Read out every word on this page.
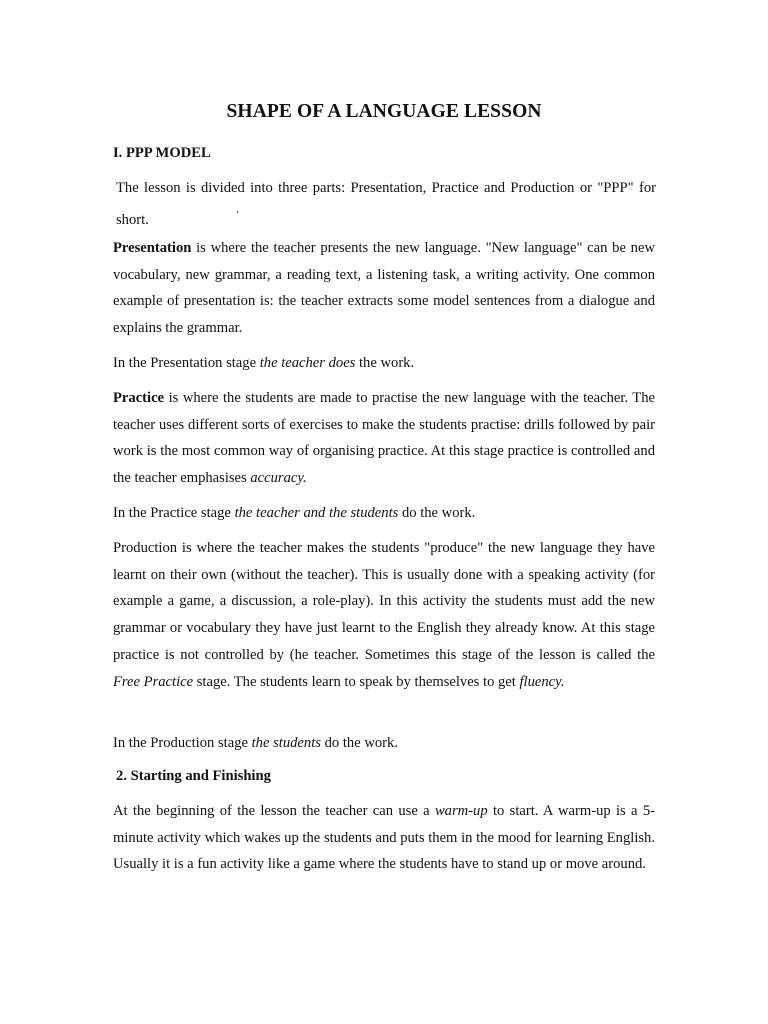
SHAPE OF A LANGUAGE LESSON
I. PPP MODEL
The lesson is divided into three parts: Presentation, Practice and Production or "PPP" for short.	'
Presentation is where the teacher presents the new language. "New language" can be new vocabulary, new grammar, a reading text, a listening task, a writing activity. One common example of presentation is: the teacher extracts some model sentences from a dialogue and explains the grammar.
In the Presentation stage the teacher does the work.
Practice is where the students are made to practise the new language with the teacher. The teacher uses different sorts of exercises to make the students practise: drills followed by pair work is the most common way of organising practice. At this stage practice is controlled and the teacher emphasises accuracy.
In the Practice stage the teacher and the students do the work.
Production is where the teacher makes the students "produce" the new language they have learnt on their own (without the teacher). This is usually done with a speaking activity (for example a game, a discussion, a role-play). In this activity the students must add the new grammar or vocabulary they have just learnt to the English they already know. At this stage practice is not controlled by (he teacher. Sometimes this stage of the lesson is called the Free Practice stage. The students learn to speak by themselves to get fluency.
In the Production stage the students do the work.
2. Starting and Finishing
At the beginning of the lesson the teacher can use a warm-up to start. A warm-up is a 5-minute activity which wakes up the students and puts them in the mood for learning English. Usually it is a fun activity like a game where the students have to stand up or move around.
